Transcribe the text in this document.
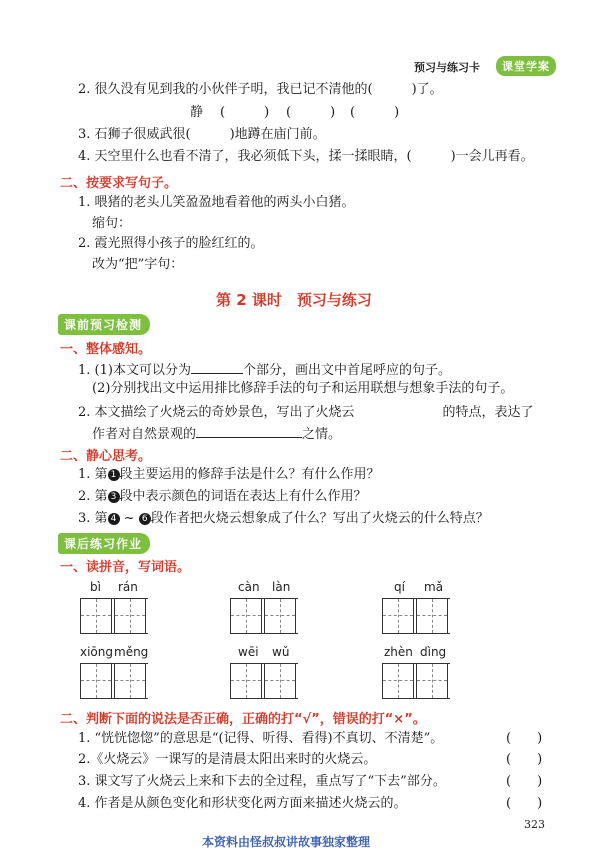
预习与练习卡	课堂学案
2. 很久没有见到我的小伙伴子明，我已记不清他的(　　　)了。
静 (　　　) (　　　) (　　　)
3. 石狮子很威武很(　　　)地蹲在庙门前。
4. 天空里什么也看不清了，我必须低下头，揉一揉眼睛，(　　　)一会儿再看。
二、按要求写句子。
1. 喂猪的老头儿笑盈盈地看着他的两头小白猪。
缩句：
2. 霞光照得小孩子的脸红红的。
改为“把”字句：
第 2 课时　预习与练习
课前预习检测
一、整体感知。
1. (1)本文可以分为	个部分，画出文中首尾呼应的句子。
(2)分别找出文中运用排比修辞手法的句子和运用联想与想象手法的句子。
2. 本文描绘了火烧云的奇妙景色，写出了火烧云	的特点，表达了
作者对自然景观的	之情。
二、静心思考。
1. 第 1 段主要运用的修辞手法是什么？有什么作用？
2. 第 3 段中表示颜色的词语在表达上有什么作用？
3. 第 4 ~ 6 段作者把火烧云想象成了什么？写出了火烧云的什么特点？
课后练习作业
一、读拼音，写词语。
bì rán	càn làn	qí mǎ
xiōng měng	wēi wǔ	zhèn dìng
二、判断下面的说法是否正确，正确的打“√”，错误的打“×”。
1. “恍恍惚惚”的意思是“(记得、听得、看得)不真切、不清楚”。	(　　)
2.《火烧云》一课写的是清晨太阳出来时的火烧云。	(　　)
3. 课文写了火烧云上来和下去的全过程，重点写了“下去”部分。	(　　)
4. 作者是从颜色变化和形状变化两方面来描述火烧云的。	(　　)
323
本资料由怪叔叔讲故事独家整理
